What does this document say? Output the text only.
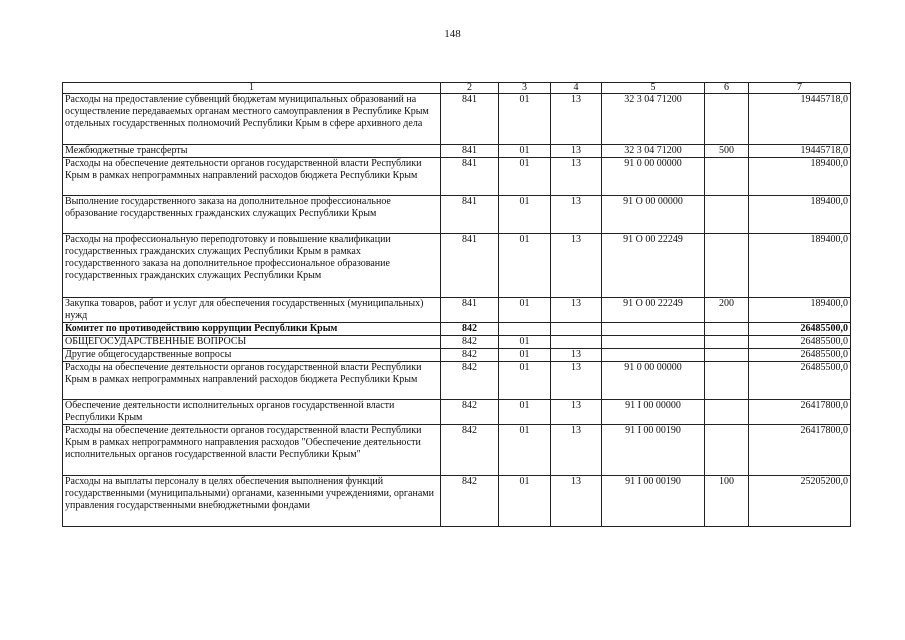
148
1	2	3	4	5	6	7
Расходы на предоставление субвенций бюджетам муниципальных образований на осуществление передаваемых органам местного самоуправления в Республике Крым отдельных государственных полномочий Республики Крым в сфере архивного дела	841	01	13	32 3 04 71200		19445718,0
Межбюджетные трансферты	841	01	13	32 3 04 71200	500	19445718,0
Расходы на обеспечение деятельности органов государственной власти Республики Крым в рамках непрограммных направлений расходов бюджета Республики Крым	841	01	13	91 0 00 00000		189400,0
Выполнение государственного заказа на дополнительное профессиональное образование государственных гражданских служащих Республики Крым	841	01	13	91 О 00 00000		189400,0
Расходы на профессиональную переподготовку и повышение квалификации государственных гражданских служащих Республики Крым в рамках государственного заказа на дополнительное профессиональное образование государственных гражданских служащих Республики Крым	841	01	13	91 О 00 22249		189400,0
Закупка товаров, работ и услуг для обеспечения государственных (муниципальных) нужд	841	01	13	91 О 00 22249	200	189400,0
Комитет по противодействию коррупции Республики Крым	842					26485500,0
ОБЩЕГОСУДАРСТВЕННЫЕ ВОПРОСЫ	842	01				26485500,0
Другие общегосударственные вопросы	842	01	13			26485500,0
Расходы на обеспечение деятельности органов государственной власти Республики Крым в рамках непрограммных направлений расходов бюджета Республики Крым	842	01	13	91 0 00 00000		26485500,0
Обеспечение деятельности исполнительных органов государственной власти Республики Крым	842	01	13	91 I 00 00000		26417800,0
Расходы на обеспечение деятельности органов государственной власти Республики Крым в рамках непрограммного направления расходов "Обеспечение деятельности исполнительных органов государственной власти Республики Крым"	842	01	13	91 I 00 00190		26417800,0
Расходы на выплаты персоналу в целях обеспечения выполнения функций государственными (муниципальными) органами, казенными учреждениями, органами управления государственными внебюджетными фондами	842	01	13	91 I 00 00190	100	25205200,0
